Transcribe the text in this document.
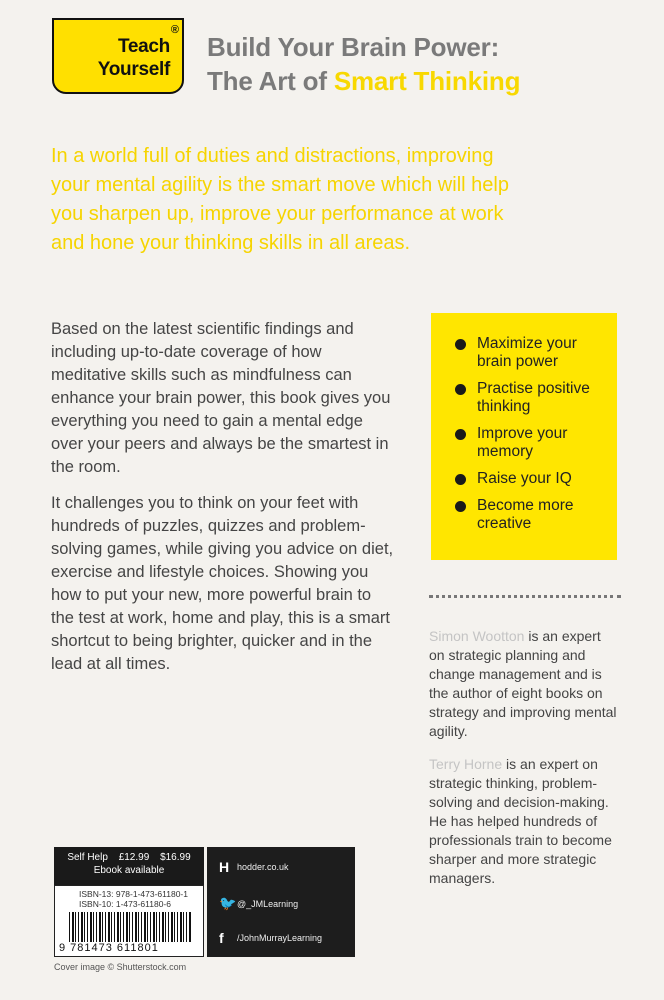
®
Teach
Yourself
Build Your Brain Power:
The Art of Smart Thinking
In a world full of duties and distractions, improving your mental agility is the smart move which will help you sharpen up, improve your performance at work and hone your thinking skills in all areas.

Based on the latest scientific findings and including up-to-date coverage of how meditative skills such as mindfulness can enhance your brain power, this book gives you everything you need to gain a mental edge over your peers and always be the smartest in the room.

It challenges you to think on your feet with hundreds of puzzles, quizzes and problem-solving games, while giving you advice on diet, exercise and lifestyle choices. Showing you how to put your new, more powerful brain to the test at work, home and play, this is a smart shortcut to being brighter, quicker and in the lead at all times.

Maximize your brain power
Practise positive thinking
Improve your memory
Raise your IQ
Become more creative
Simon Wootton is an expert on strategic planning and change management and is the author of eight books on strategy and improving mental agility.
Terry Horne is an expert on strategic thinking, problem-solving and decision-making. He has helped hundreds of professionals train to become sharper and more strategic managers.
Self Help £12.99 $16.99
Ebook available
ISBN-13: 978-1-473-61180-1
ISBN-10: 1-473-61180-6
9 781473 611801
H hodder.co.uk
🐦 @_JMLearning
f	/JohnMurrayLearning
Cover image © Shutterstock.com
